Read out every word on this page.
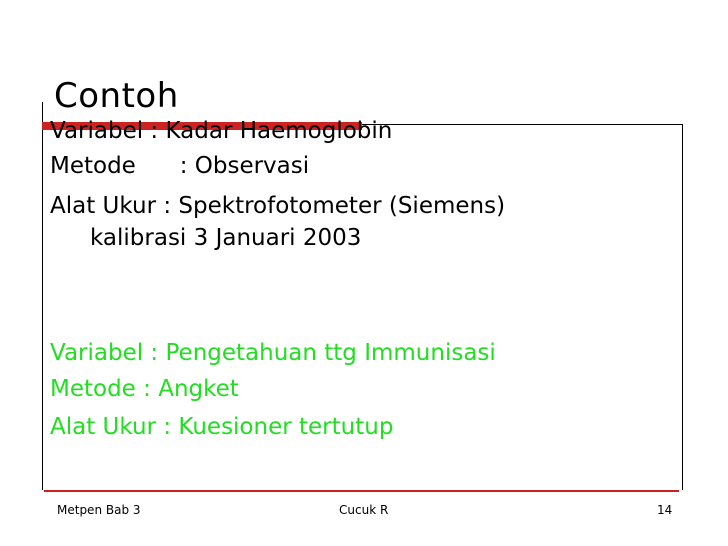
Contoh
Variabel : Kadar Haemoglobin
Metode      : Observasi
Alat Ukur : Spektrofotometer (Siemens)
kalibrasi 3 Januari 2003
Variabel : Pengetahuan ttg Immunisasi
Metode : Angket
Alat Ukur : Kuesioner tertutup
Metpen Bab 3	Cucuk R	14
